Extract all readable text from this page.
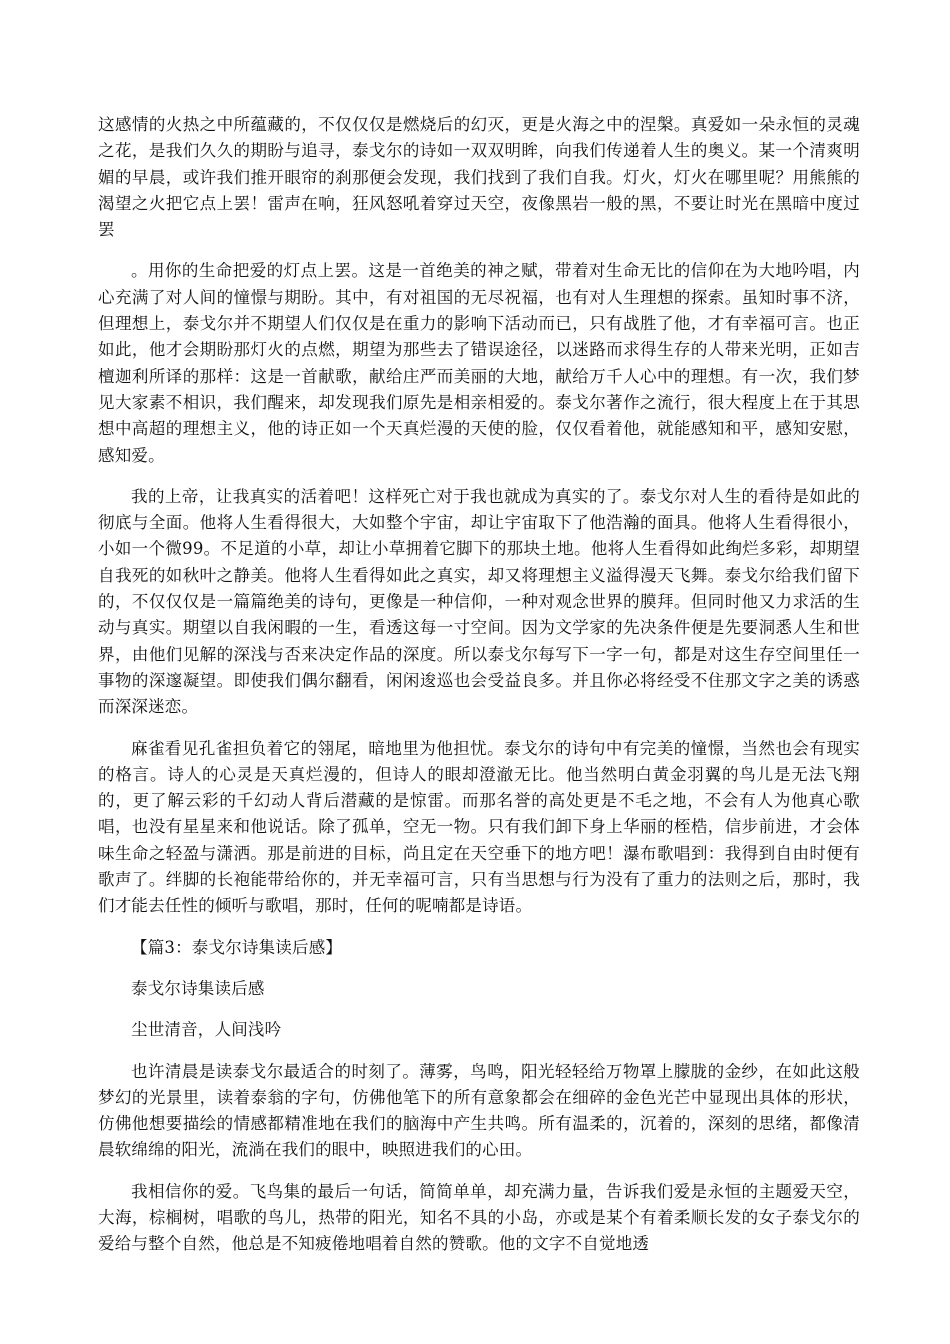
这感情的火热之中所蕴藏的，不仅仅仅是燃烧后的幻灭，更是火海之中的涅槃。真爱如一朵永恒的灵魂之花，是我们久久的期盼与追寻，泰戈尔的诗如一双双明眸，向我们传递着人生的奥义。某一个清爽明媚的早晨，或许我们推开眼帘的刹那便会发现，我们找到了我们自我。灯火，灯火在哪里呢？用熊熊的渴望之火把它点上罢！雷声在响，狂风怒吼着穿过天空，夜像黑岩一般的黑，不要让时光在黑暗中度过罢

。用你的生命把爱的灯点上罢。这是一首绝美的神之赋，带着对生命无比的信仰在为大地吟唱，内心充满了对人间的憧憬与期盼。其中，有对祖国的无尽祝福，也有对人生理想的探索。虽知时事不济，但理想上，泰戈尔并不期望人们仅仅是在重力的影响下活动而已，只有战胜了他，才有幸福可言。也正如此，他才会期盼那灯火的点燃，期望为那些去了错误途径，以迷路而求得生存的人带来光明，正如吉檀迦利所译的那样：这是一首献歌，献给庄严而美丽的大地，献给万千人心中的理想。有一次，我们梦见大家素不相识，我们醒来，却发现我们原先是相亲相爱的。泰戈尔著作之流行，很大程度上在于其思想中高超的理想主义，他的诗正如一个天真烂漫的天使的脸，仅仅看着他，就能感知和平，感知安慰，感知爱。

我的上帝，让我真实的活着吧！这样死亡对于我也就成为真实的了。泰戈尔对人生的看待是如此的彻底与全面。他将人生看得很大，大如整个宇宙，却让宇宙取下了他浩瀚的面具。他将人生看得很小，小如一个微99。不足道的小草，却让小草拥着它脚下的那块土地。他将人生看得如此绚烂多彩，却期望自我死的如秋叶之静美。他将人生看得如此之真实，却又将理想主义溢得漫天飞舞。泰戈尔给我们留下的，不仅仅仅是一篇篇绝美的诗句，更像是一种信仰，一种对观念世界的膜拜。但同时他又力求活的生动与真实。期望以自我闲暇的一生，看透这每一寸空间。因为文学家的先决条件便是先要洞悉人生和世界，由他们见解的深浅与否来决定作品的深度。所以泰戈尔每写下一字一句，都是对这生存空间里任一事物的深邃凝望。即使我们偶尔翻看，闲闲逡巡也会受益良多。并且你必将经受不住那文字之美的诱惑而深深迷恋。

麻雀看见孔雀担负着它的翎尾，暗地里为他担忧。泰戈尔的诗句中有完美的憧憬，当然也会有现实的格言。诗人的心灵是天真烂漫的，但诗人的眼却澄澈无比。他当然明白黄金羽翼的鸟儿是无法飞翔的，更了解云彩的千幻动人背后潜藏的是惊雷。而那名誉的高处更是不毛之地，不会有人为他真心歌唱，也没有星星来和他说话。除了孤单，空无一物。只有我们卸下身上华丽的桎梏，信步前进，才会体味生命之轻盈与潇洒。那是前进的目标，尚且定在天空垂下的地方吧！瀑布歌唱到：我得到自由时便有歌声了。绊脚的长袍能带给你的，并无幸福可言，只有当思想与行为没有了重力的法则之后，那时，我们才能去任性的倾听与歌唱，那时，任何的呢喃都是诗语。

【篇3：泰戈尔诗集读后感】

泰戈尔诗集读后感

尘世清音，人间浅吟

也许清晨是读泰戈尔最适合的时刻了。薄雾，鸟鸣，阳光轻轻给万物罩上朦胧的金纱，在如此这般梦幻的光景里，读着泰翁的字句，仿佛他笔下的所有意象都会在细碎的金色光芒中显现出具体的形状，仿佛他想要描绘的情感都精准地在我们的脑海中产生共鸣。所有温柔的，沉着的，深刻的思绪，都像清晨软绵绵的阳光，流淌在我们的眼中，映照进我们的心田。

我相信你的爱。飞鸟集的最后一句话，简简单单，却充满力量，告诉我们爱是永恒的主题爱天空，大海，棕榈树，唱歌的鸟儿，热带的阳光，知名不具的小岛，亦或是某个有着柔顺长发的女子泰戈尔的爱给与整个自然，他总是不知疲倦地唱着自然的赞歌。他的文字不自觉地透
